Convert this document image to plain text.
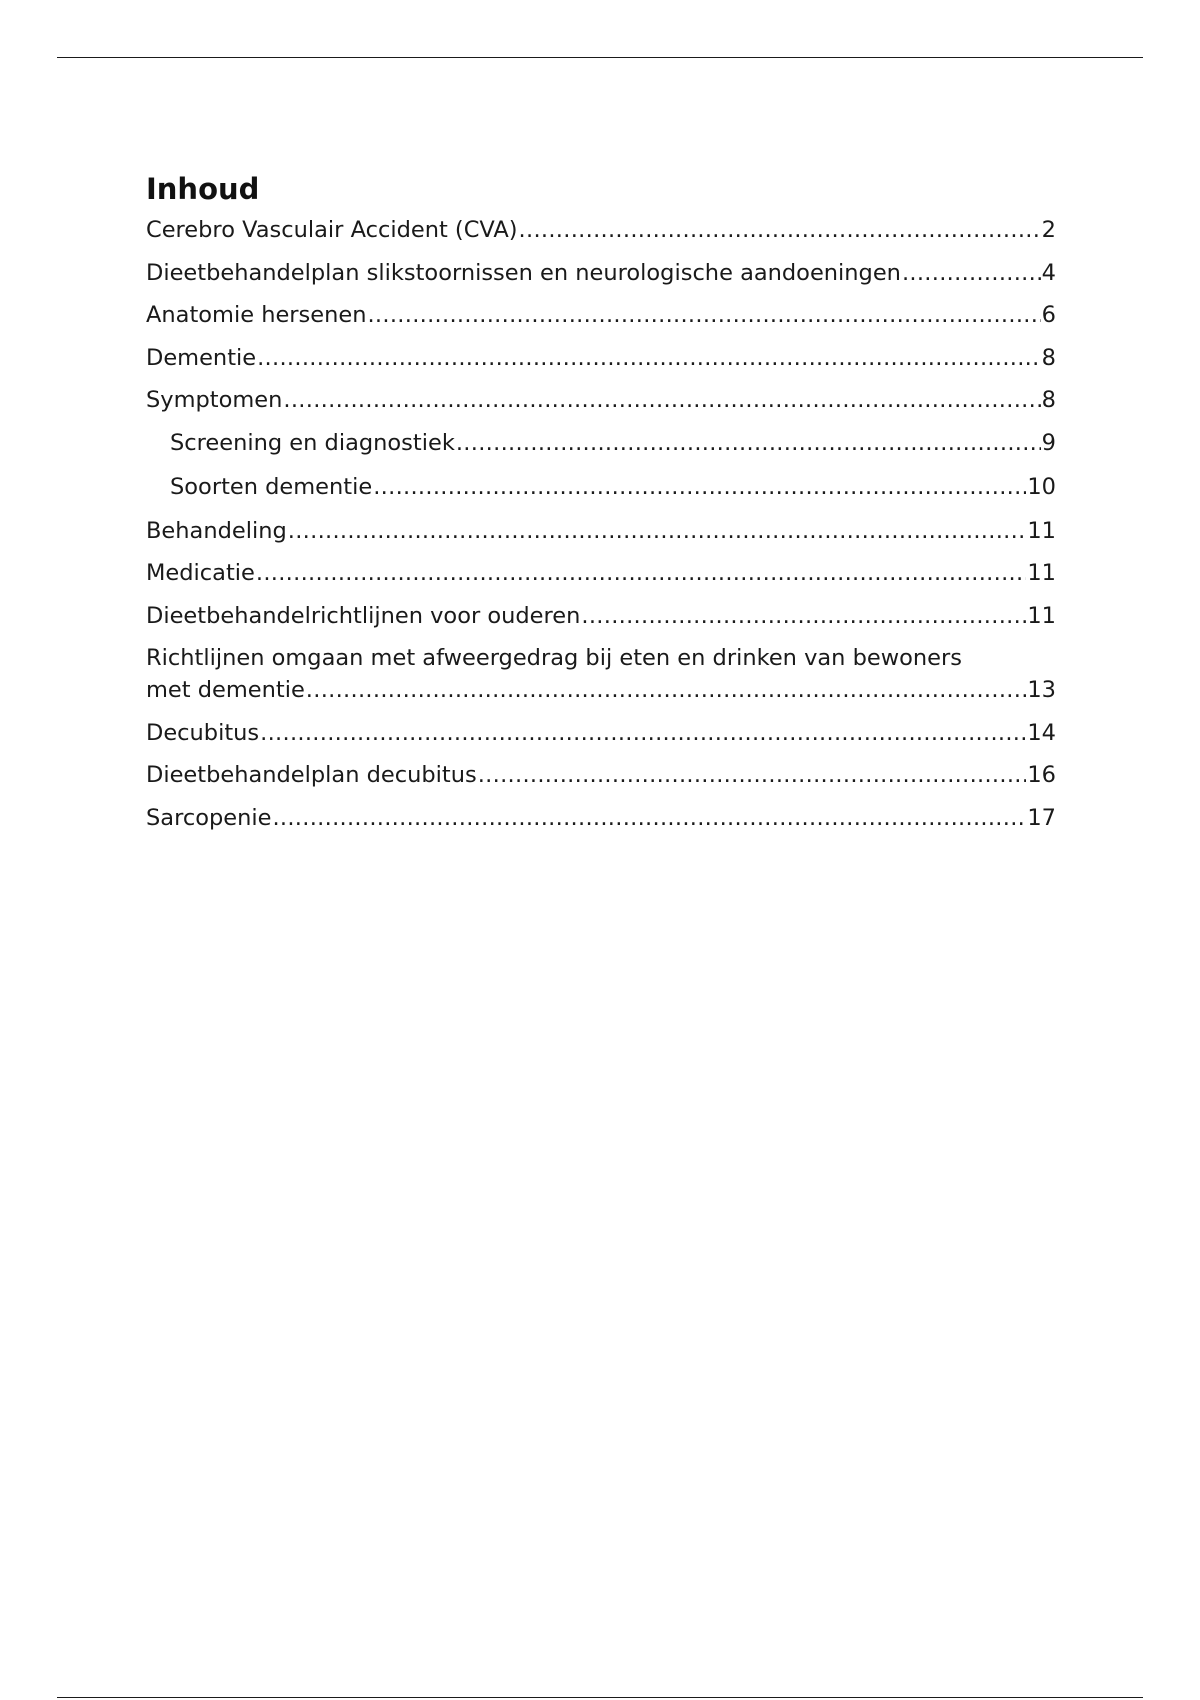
Inhoud
Cerebro Vasculair Accident (CVA) .....	2
Dieetbehandelplan slikstoornissen en neurologische aandoeningen .....	4
Anatomie hersenen .....	6
Dementie .....	8
Symptomen .....	8
Screening en diagnostiek .....	9
Soorten dementie .....	10
Behandeling .....	11
Medicatie .....	11
Dieetbehandelrichtlijnen voor ouderen .....	11
Richtlijnen omgaan met afweergedrag bij eten en drinken van bewoners
met dementie .....	13
Decubitus .....	14
Dieetbehandelplan decubitus .....	16
Sarcopenie .....	17
